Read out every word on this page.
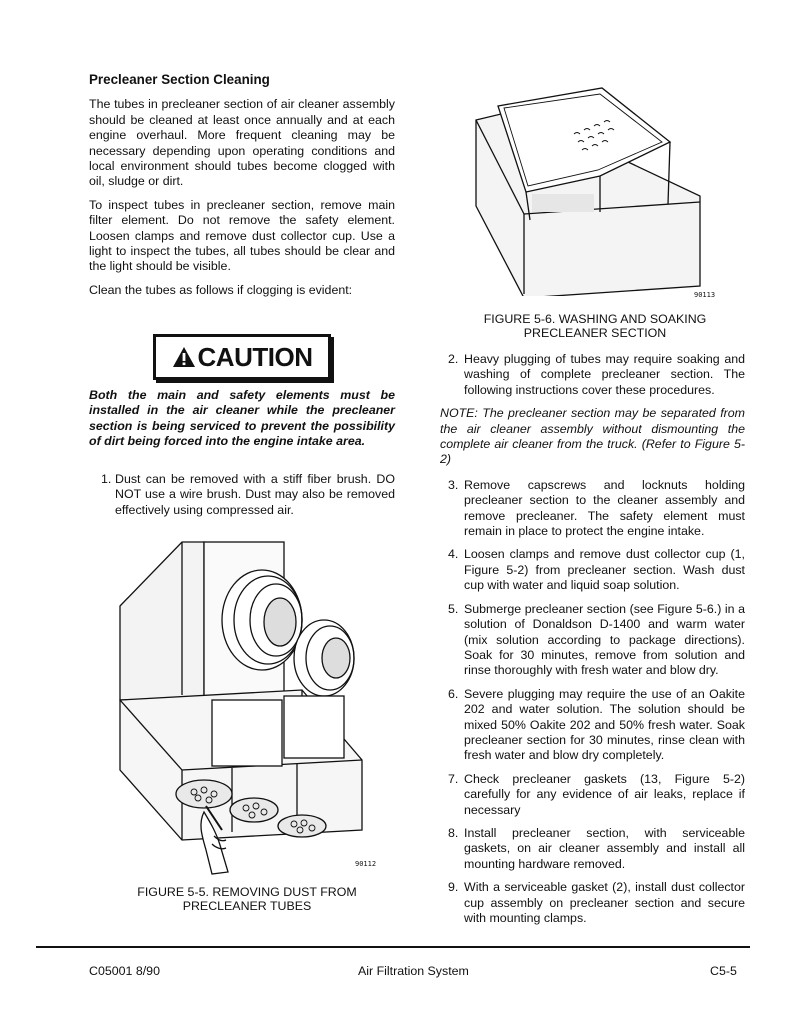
Precleaner Section Cleaning

The tubes in precleaner section of air cleaner assembly should be cleaned at least once annually and at each engine overhaul. More frequent cleaning may be necessary depending upon operating conditions and local environment should tubes become clogged with oil, sludge or dirt.

To inspect tubes in precleaner section, remove main filter element. Do not remove the safety element. Loosen clamps and remove dust collector cup. Use a light to inspect the tubes, all tubes should be clear and the light should be visible.

Clean the tubes as follows if clogging is evident:

CAUTION
Both the main and safety elements must be installed in the air cleaner while the precleaner section is being serviced to prevent the possibility of dirt being forced into the engine intake area.
1. Dust can be removed with a stiff fiber brush. DO NOT use a wire brush. Dust may also be removed effectively using compressed air.
90112
FIGURE 5-5. REMOVING DUST FROM PRECLEANER TUBES
90113
FIGURE 5-6. WASHING AND SOAKING PRECLEANER SECTION
2. Heavy plugging of tubes may require soaking and washing of complete precleaner section. The following instructions cover these procedures.

NOTE: The precleaner section may be separated from the air cleaner assembly without dismounting the complete air cleaner from the truck. (Refer to Figure 5-2)

3. Remove capscrews and locknuts holding precleaner section to the cleaner assembly and remove precleaner. The safety element must remain in place to protect the engine intake.
4. Loosen clamps and remove dust collector cup (1, Figure 5-2) from precleaner section. Wash dust cup with water and liquid soap solution.
5. Submerge precleaner section (see Figure 5-6.) in a solution of Donaldson D-1400 and warm water (mix solution according to package directions). Soak for 30 minutes, remove from solution and rinse thoroughly with fresh water and blow dry.
6. Severe plugging may require the use of an Oakite 202 and water solution. The solution should be mixed 50% Oakite 202 and 50% fresh water. Soak precleaner section for 30 minutes, rinse clean with fresh water and blow dry completely.
7. Check precleaner gaskets (13, Figure 5-2) carefully for any evidence of air leaks, replace if necessary
8. Install precleaner section, with serviceable gaskets, on air cleaner assembly and install all mounting hardware removed.
9. With a serviceable gasket (2), install dust collector cup assembly on precleaner section and secure with mounting clamps.
C05001 8/90	Air Filtration System	C5-5
